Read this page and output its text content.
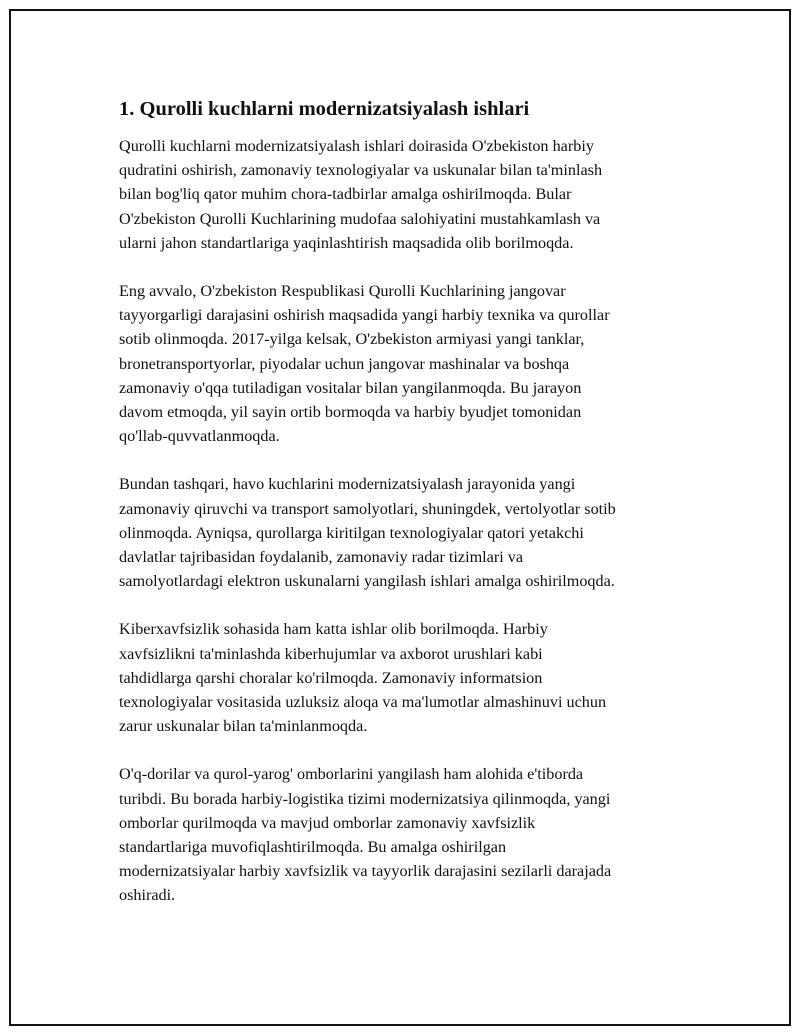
1. Qurolli kuchlarni modernizatsiyalash ishlari

Qurolli kuchlarni modernizatsiyalash ishlari doirasida O'zbekiston harbiy
qudratini oshirish, zamonaviy texnologiyalar va uskunalar bilan ta'minlash
bilan bog'liq qator muhim chora-tadbirlar amalga oshirilmoqda. Bular
O'zbekiston Qurolli Kuchlarining mudofaa salohiyatini mustahkamlash va
ularni jahon standartlariga yaqinlashtirish maqsadida olib borilmoqda.

Eng avvalo, O'zbekiston Respublikasi Qurolli Kuchlarining jangovar
tayyorgarligi darajasini oshirish maqsadida yangi harbiy texnika va qurollar
sotib olinmoqda. 2017-yilga kelsak, O'zbekiston armiyasi yangi tanklar,
bronetransportyorlar, piyodalar uchun jangovar mashinalar va boshqa
zamonaviy o'qqa tutiladigan vositalar bilan yangilanmoqda. Bu jarayon
davom etmoqda, yil sayin ortib bormoqda va harbiy byudjet tomonidan
qo'llab-quvvatlanmoqda.

Bundan tashqari, havo kuchlarini modernizatsiyalash jarayonida yangi
zamonaviy qiruvchi va transport samolyotlari, shuningdek, vertolyotlar sotib
olinmoqda. Ayniqsa, qurollarga kiritilgan texnologiyalar qatori yetakchi
davlatlar tajribasidan foydalanib, zamonaviy radar tizimlari va
samolyotlardagi elektron uskunalarni yangilash ishlari amalga oshirilmoqda.

Kiberxavfsizlik sohasida ham katta ishlar olib borilmoqda. Harbiy
xavfsizlikni ta'minlashda kiberhujumlar va axborot urushlari kabi
tahdidlarga qarshi choralar ko'rilmoqda. Zamonaviy informatsion
texnologiyalar vositasida uzluksiz aloqa va ma'lumotlar almashinuvi uchun
zarur uskunalar bilan ta'minlanmoqda.

O'q-dorilar va qurol-yarog' omborlarini yangilash ham alohida e'tiborda
turibdi. Bu borada harbiy-logistika tizimi modernizatsiya qilinmoqda, yangi
omborlar qurilmoqda va mavjud omborlar zamonaviy xavfsizlik
standartlariga muvofiqlashtirilmoqda. Bu amalga oshirilgan
modernizatsiyalar harbiy xavfsizlik va tayyorlik darajasini sezilarli darajada
oshiradi.
